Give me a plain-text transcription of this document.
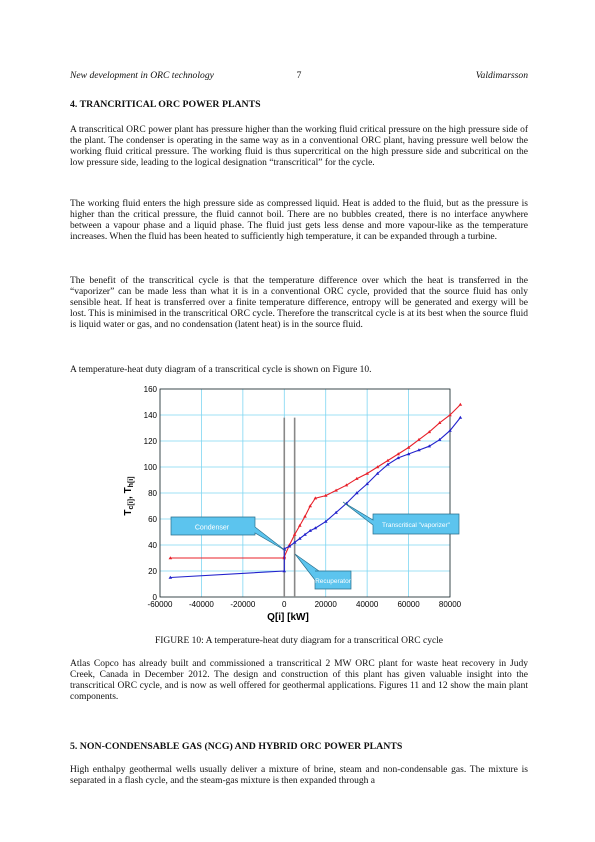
New development in ORC technology	7	Valdimarsson
4. TRANCRITICAL ORC POWER PLANTS

A transcritical ORC power plant has pressure higher than the working fluid critical pressure on the high pressure side of the plant. The condenser is operating in the same way as in a conventional ORC plant, having pressure well below the working fluid critical pressure. The working fluid is thus supercritical on the high pressure side and subcritical on the low pressure side, leading to the logical designation “transcritical” for the cycle.

The working fluid enters the high pressure side as compressed liquid. Heat is added to the fluid, but as the pressure is higher than the critical pressure, the fluid cannot boil. There are no bubbles created, there is no interface anywhere between a vapour phase and a liquid phase. The fluid just gets less dense and more vapour-like as the temperature increases. When the fluid has been heated to sufficiently high temperature, it can be expanded through a turbine.

The benefit of the transcritical cycle is that the temperature difference over which the heat is transferred in the “vaporizer” can be made less than what it is in a conventional ORC cycle, provided that the source fluid has only sensible heat. If heat is transferred over a finite temperature difference, entropy will be generated and exergy will be lost. This is minimised in the transcritical ORC cycle. Therefore the transcritcal cycle is at its best when the source fluid is liquid water or gas, and no condensation (latent heat) is in the source fluid.

A temperature-heat duty diagram of a transcritical cycle is shown on Figure 10.

0
20
40
60
80
100
120
140
160
-60000 -40000 -20000	0	20000 40000 60000 80000
Condenser	Transcritical "vaporizer"
Recuperator
Q[i] [kW]
$T_{c[i]}$, $T_{h[i]}$
FIGURE 10: A temperature-heat duty diagram for a transcritical ORC cycle

Atlas Copco has already built and commissioned a transcritical 2 MW ORC plant for waste heat recovery in Judy Creek, Canada in December 2012. The design and construction of this plant has given valuable insight into the transcritical ORC cycle, and is now as well offered for geothermal applications. Figures 11 and 12 show the main plant components.

5. NON-CONDENSABLE GAS (NCG) AND HYBRID ORC POWER PLANTS

High enthalpy geothermal wells usually deliver a mixture of brine, steam and non-condensable gas. The mixture is separated in a flash cycle, and the steam-gas mixture is then expanded through a
